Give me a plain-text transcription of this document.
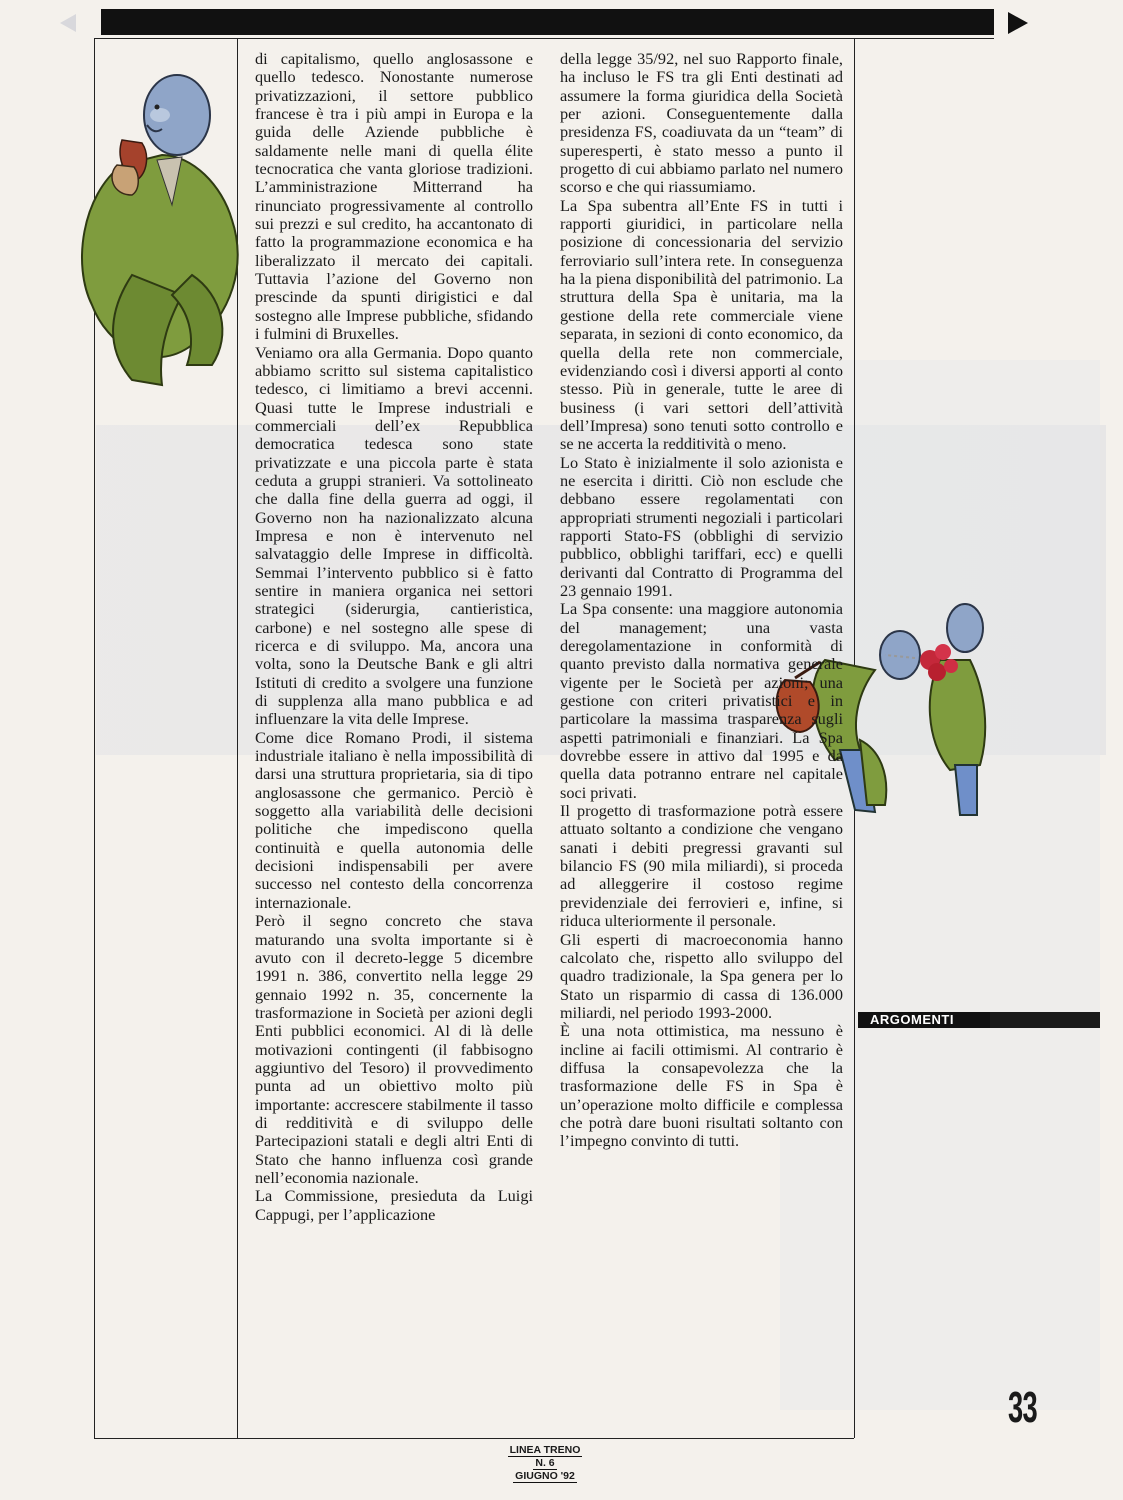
di capitalismo, quello anglosassone e quello tedesco. Nonostante numerose privatizzazioni, il settore pubblico francese è tra i più ampi in Europa e la guida delle Aziende pubbliche è saldamente nelle mani di quella élite tecnocratica che vanta gloriose tradizioni. L’amministrazione Mitterrand ha rinunciato progressivamente al controllo sui prezzi e sul credito, ha accantonato di fatto la programmazione economica e ha liberalizzato il mercato dei capitali. Tuttavia l’azione del Governo non prescinde da spunti dirigistici e dal sostegno alle Imprese pubbliche, sfidando i fulmini di Bruxelles.

Veniamo ora alla Germania. Dopo quanto abbiamo scritto sul sistema capitalistico tedesco, ci limitiamo a brevi accenni. Quasi tutte le Imprese industriali e commerciali dell’ex Repubblica democratica tedesca sono state privatizzate e una piccola parte è stata ceduta a gruppi stranieri. Va sottolineato che dalla fine della guerra ad oggi, il Governo non ha nazionalizzato alcuna Impresa e non è intervenuto nel salvataggio delle Imprese in difficoltà. Semmai l’intervento pubblico si è fatto sentire in maniera organica nei settori strategici (siderurgia, cantieristica, carbone) e nel sostegno alle spese di ricerca e di sviluppo. Ma, ancora una volta, sono la Deutsche Bank e gli altri Istituti di credito a svolgere una funzione di supplenza alla mano pubblica e ad influenzare la vita delle Imprese.

Come dice Romano Prodi, il sistema industriale italiano è nella impossibilità di darsi una struttura proprietaria, sia di tipo anglosassone che germanico. Perciò è soggetto alla variabilità delle decisioni politiche che impediscono quella continuità e quella autonomia delle decisioni indispensabili per avere successo nel contesto della concorrenza internazionale.

Però il segno concreto che stava maturando una svolta importante si è avuto con il decreto-legge 5 dicembre 1991 n. 386, convertito nella legge 29 gennaio 1992 n. 35, concernente la trasformazione in Società per azioni degli Enti pubblici economici. Al di là delle motivazioni contingenti (il fabbisogno aggiuntivo del Tesoro) il provvedimento punta ad un obiettivo molto più importante: accrescere stabilmente il tasso di redditività e di sviluppo delle Partecipazioni statali e degli altri Enti di Stato che hanno influenza così grande nell’economia nazionale.

La Commissione, presieduta da Luigi Cappugi, per l’applicazione

della legge 35/92, nel suo Rapporto finale, ha incluso le FS tra gli Enti destinati ad assumere la forma giuridica della Società per azioni. Conseguentemente dalla presidenza FS, coadiuvata da un “team” di superesperti, è stato messo a punto il progetto di cui abbiamo parlato nel numero scorso e che qui riassumiamo.

La Spa subentra all’Ente FS in tutti i rapporti giuridici, in particolare nella posizione di concessionaria del servizio ferroviario sull’intera rete. In conseguenza ha la piena disponibilità del patrimonio. La struttura della Spa è unitaria, ma la gestione della rete commerciale viene separata, in sezioni di conto economico, da quella della rete non commerciale, evidenziando così i diversi apporti al conto stesso. Più in generale, tutte le aree di business (i vari settori dell’attività dell’Impresa) sono tenuti sotto controllo e se ne accerta la redditività o meno.

Lo Stato è inizialmente il solo azionista e ne esercita i diritti. Ciò non esclude che debbano essere regolamentati con appropriati strumenti negoziali i particolari rapporti Stato-FS (obblighi di servizio pubblico, obblighi tariffari, ecc) e quelli derivanti dal Contratto di Programma del 23 gennaio 1991.

La Spa consente: una maggiore autonomia del management; una vasta deregolamentazione in conformità di quanto previsto dalla normativa generale vigente per le Società per azioni; una gestione con criteri privatistici e in particolare la massima trasparenza sugli aspetti patrimoniali e finanziari. La Spa dovrebbe essere in attivo dal 1995 e da quella data potranno entrare nel capitale soci privati.

Il progetto di trasformazione potrà essere attuato soltanto a condizione che vengano sanati i debiti pregressi gravanti sul bilancio FS (90 mila miliardi), si proceda ad alleggerire il costoso regime previdenziale dei ferrovieri e, infine, si riduca ulteriormente il personale.

Gli esperti di macroeconomia hanno calcolato che, rispetto allo sviluppo del quadro tradizionale, la Spa genera per lo Stato un risparmio di cassa di 136.000 miliardi, nel periodo 1993-2000.

È una nota ottimistica, ma nessuno è incline ai facili ottimismi. Al contrario è diffusa la consapevolezza che la trasformazione delle FS in Spa è un’operazione molto difficile e complessa che potrà dare buoni risultati soltanto con l’impegno convinto di tutti.

ARGOMENTI
33
LINEA TRENO
N. 6
GIUGNO '92
